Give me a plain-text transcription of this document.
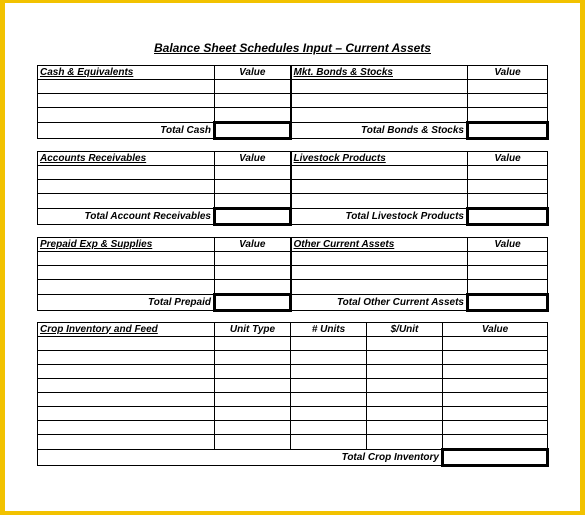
Balance Sheet Schedules Input – Current Assets
Cash & Equivalents	Value	Mkt. Bonds & Stocks	Value

Total Cash		Total Bonds & Stocks	
Accounts Receivables	Value	Livestock Products	Value

Total Account Receivables		Total Livestock Products	
Prepaid Exp & Supplies	Value	Other Current Assets	Value

Total Prepaid		Total Other Current Assets	
Crop Inventory and Feed	Unit Type	# Units	$/Unit	Value

		Total Crop Inventory		
